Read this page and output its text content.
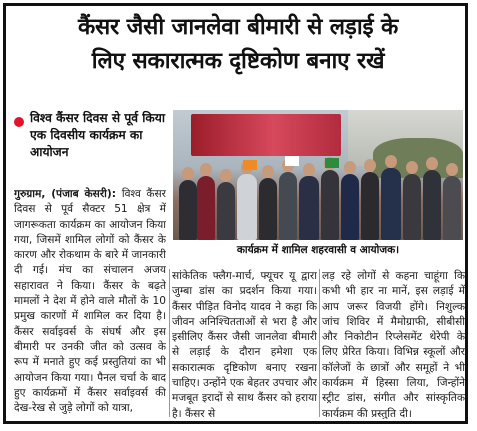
कैंसर जैसी जानलेवा बीमारी से लड़ाई के
लिए सकारात्मक दृष्टिकोण बनाए रखें
विश्व कैंसर दिवस से पूर्व किया एक दिवसीय कार्यक्रम का आयोजन
कार्यक्रम में शामिल शहरवासी व आयोजक।
गुरुग्राम, (पंजाब केसरी): विश्व कैंसर दिवस से पूर्व सैक्टर 51 क्षेत्र में जागरूकता कार्यक्रम का आयोजन किया गया, जिसमें शामिल लोगों को कैंसर के कारण और रोकथाम के बारे में जानकारी दी गई। मंच का संचालन अजय सहारावत ने किया। कैंसर के बढ़ते मामलों ने देश में होने वाले मौतों के 10 प्रमुख कारणों में शामिल कर दिया है। कैंसर सर्वाइवर्स के संघर्ष और इस बीमारी पर उनकी जीत को उत्सव के रूप में मनाते हुए कई प्रस्तुतियां का भी आयोजन किया गया। पैनल चर्चा के बाद हुए कार्यक्रमों में कैंसर सर्वाइवर्स की देख-रेख से जुड़े लोगों को यात्रा,
सांकेतिक फ्लैग-मार्च, फ्यूचर यू द्वारा जुम्बा डांस का प्रदर्शन किया गया। कैंसर पीड़ित विनोद यादव ने कहा कि जीवन अनिश्चितताओं से भरा है और इसीलिए कैंसर जैसी जानलेवा बीमारी से लड़ाई के दौरान हमेशा एक सकारात्मक दृष्टिकोण बनाए रखना चाहिए। उन्होंने एक बेहतर उपचार और मजबूत इरादों से साथ कैंसर को हराया है। कैंसर से
लड़ रहे लोगों से कहना चाहूंगा कि कभी भी हार ना मानें, इस लड़ाई में आप जरूर विजयी होंगे। निशुल्क जांच शिविर में मैमोग्राफी, सीबीसी और निकोटीन रिप्लेसमेंट थेरेपी के लिए प्रेरित किया। विभिन्न स्कूलों और कॉलेजों के छात्रों और समूहों ने भी कार्यक्रम में हिस्सा लिया, जिन्होंने स्ट्रीट डांस, संगीत और सांस्कृतिक कार्यक्रम की प्रस्तुति दी।
